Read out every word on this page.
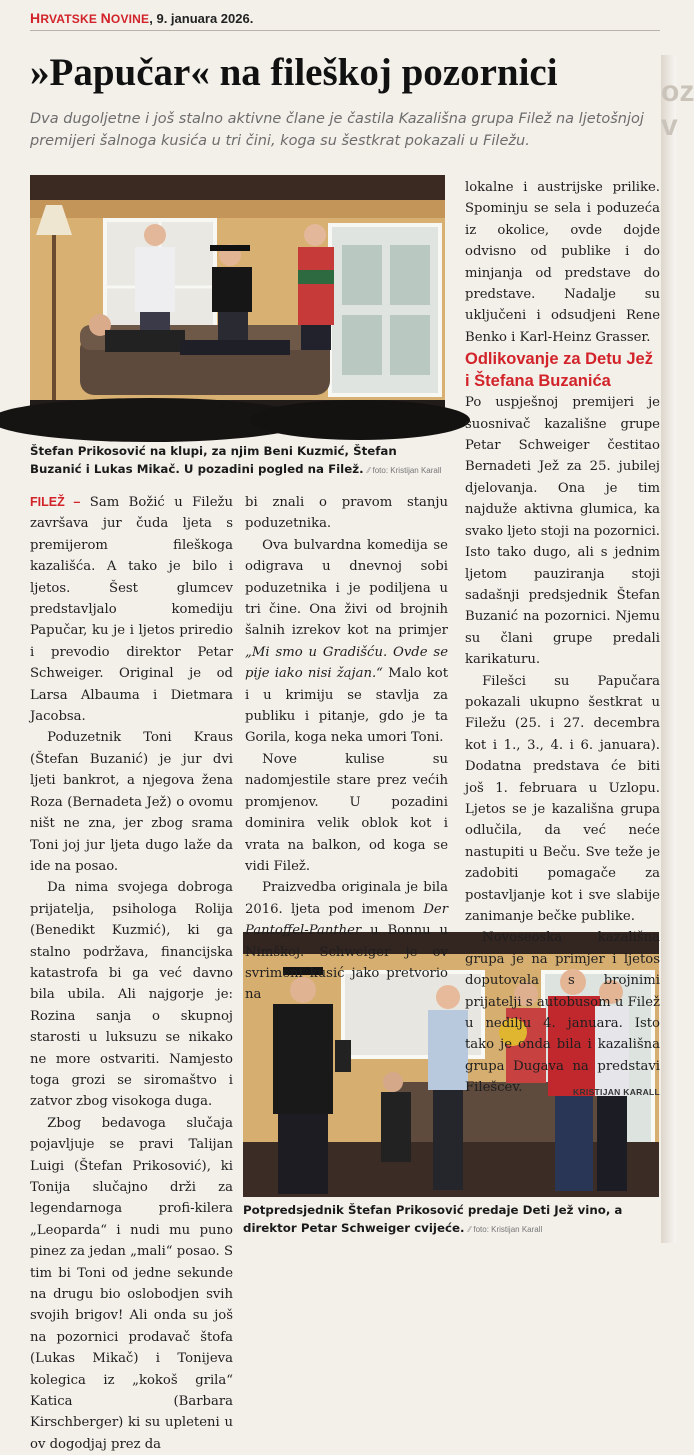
HRVATSKE NOVINE, 9. januara 2026.
»Papučar« na fileškoj pozornici

Dva dugoljetne i još stalno aktivne člane je častila Kazališna grupa Filež na ljetošnjoj premijeri šalnoga kusića u tri čini, koga su šestkrat pokazali u Filežu.

Štefan Prikosović na klupi, za njim Beni Kuzmić, Štefan Buzanić i Lukas Mikač. U pozadini pogled na Filež. ⁄⁄ foto: Kristijan Karall

Potpredsjednik Štefan Prikosović predaje Deti Jež vino, a direktor Petar Schweiger cvijeće. ⁄⁄ foto: Kristijan Karall

FILEŽ – Sam Božić u Filežu završava jur čuda ljeta s premijerom fileškoga kazališća. A tako je bilo i ljetos. Šest glumcev predstavljalo komediju Papučar, ku je i ljetos priredio i prevodio direktor Petar Schweiger. Original je od Larsa Albauma i Dietmara Jacobsa.

Poduzetnik Toni Kraus (Štefan Buzanić) je jur dvi ljeti bankrot, a njegova žena Roza (Bernadeta Jež) o ovomu ništ ne zna, jer zbog srama Toni joj jur ljeta dugo laže da ide na posao.

Da nima svojega dobroga prijatelja, psihologa Rolija (Benedikt Kuzmić), ki ga stalno podržava, financijska katastrofa bi ga već davno bila ubila. Ali najgorje je: Rozina sanja o skupnoj starosti u luksuzu se nikako ne more ostvariti. Namjesto toga grozi se siromaštvo i zatvor zbog visokoga duga.

Zbog bedavoga slučaja pojavljuje se pravi Talijan Luigi (Štefan Prikosović), ki Tonija slučajno drži za legendarnoga profi-kilera „Leoparda“ i nudi mu puno pinez za jedan „mali“ posao. S tim bi Toni od jedne sekunde na drugu bio oslobodjen svih svojih brigov! Ali onda su još na pozornici prodavač štofa (Lukas Mikač) i Tonijeva kolegica iz „kokoš grila“ Katica (Barbara Kirschberger) ki su upleteni u ov dogodjaj prez da

bi znali o pravom stanju poduzetnika.

Ova bulvardna komedija se odigrava u dnevnoj sobi poduzetnika i je podiljena u tri čine. Ona živi od brojnih šalnih izrekov kot na primjer „Mi smo u Gradišću. Ovde se pije iako nisi žajan.“ Malo kot i u krimiju se stavlja za publiku i pitanje, gdo je ta Gorila, koga neka umori Toni.

Nove kulise su nadomjestile stare prez većih promjenov. U pozadini dominira velik oblok kot i vrata na balkon, od koga se vidi Filež.

Praizvedba originala je bila 2016. ljeta pod imenom Der Pantoffel-Panther u Bonnu u Nimškoj. Schweiger je ov svrimeni kusić jako pretvorio na

lokalne i austrijske prilike. Spominju se sela i poduzeća iz okolice, ovde dojde odvisno od publike i do minjanja od predstave do predstave. Nadalje su uključeni i odsudjeni Rene Benko i Karl-Heinz Grasser.

Odlikovanje za Detu Jež i Štefana Buzanića

Po uspješnoj premijeri je suosnivač kazališne grupe Petar Schweiger čestitao Bernadeti Jež za 25. jubilej djelovanja. Ona je tim najduže aktivna glumica, ka svako ljeto stoji na pozornici. Isto tako dugo, ali s jednim ljetom pauziranja stoji sadašnji predsjednik Štefan Buzanić na pozornici. Njemu su člani grupe predali karikaturu.

Filešci su Papučara pokazali ukupno šestkrat u Filežu (25. i 27. decembra kot i 1., 3., 4. i 6. januara). Dodatna predstava će biti još 1. februara u Uzlopu. Ljetos se je kazališna grupa odlučila, da već neće nastupiti u Beču. Sve teže je zadobiti pomagače za postavljanje kot i sve slabije zanimanje bečke publike.

Novoseoska kazališna grupa je na primjer i ljetos doputovala s brojnimi prijatelji s autobusom u Filež u nedilju 4. januara. Isto tako je onda bila i kazališna grupa Dugava na predstavi Filešcev.	KRISTIJAN KARALL

oz v
